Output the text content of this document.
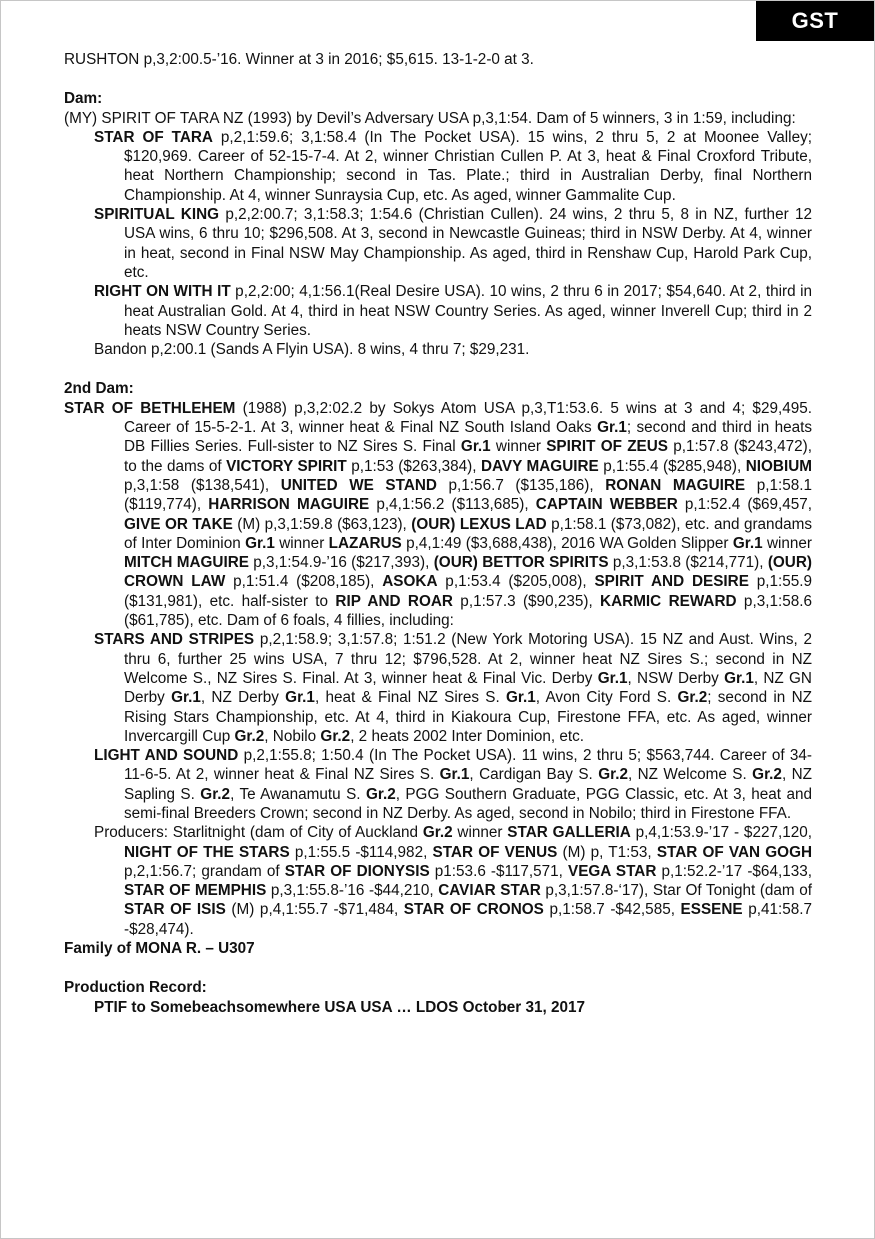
GST
RUSHTON p,3,2:00.5-’16. Winner at 3 in 2016; $5,615. 13-1-2-0 at 3.
Dam:
(MY) SPIRIT OF TARA NZ (1993) by Devil’s Adversary USA p,3,1:54. Dam of 5 winners, 3 in 1:59, including:
STAR OF TARA p,2,1:59.6; 3,1:58.4 (In The Pocket USA). 15 wins, 2 thru 5, 2 at Moonee Valley; $120,969. Career of 52-15-7-4. At 2, winner Christian Cullen P. At 3, heat & Final Croxford Tribute, heat Northern Championship; second in Tas. Plate.; third in Australian Derby, final Northern Championship. At 4, winner Sunraysia Cup, etc. As aged, winner Gammalite Cup.
SPIRITUAL KING p,2,2:00.7; 3,1:58.3; 1:54.6 (Christian Cullen). 24 wins, 2 thru 5, 8 in NZ, further 12 USA wins, 6 thru 10; $296,508. At 3, second in Newcastle Guineas; third in NSW Derby. At 4, winner in heat, second in Final NSW May Championship. As aged, third in Renshaw Cup, Harold Park Cup, etc.
RIGHT ON WITH IT p,2,2:00; 4,1:56.1(Real Desire USA). 10 wins, 2 thru 6 in 2017; $54,640. At 2, third in heat Australian Gold. At 4, third in heat NSW Country Series. As aged, winner Inverell Cup; third in 2 heats NSW Country Series.
Bandon p,2:00.1 (Sands A Flyin USA). 8 wins, 4 thru 7; $29,231.
2nd Dam:
STAR OF BETHLEHEM (1988) p,3,2:02.2 by Sokys Atom USA p,3,T1:53.6. 5 wins at 3 and 4; $29,495. Career of 15-5-2-1. At 3, winner heat & Final NZ South Island Oaks Gr.1; second and third in heats DB Fillies Series. Full-sister to NZ Sires S. Final Gr.1 winner SPIRIT OF ZEUS p,1:57.8 ($243,472), to the dams of VICTORY SPIRIT p,1:53 ($263,384), DAVY MAGUIRE p,1:55.4 ($285,948), NIOBIUM p,3,1:58 ($138,541), UNITED WE STAND p,1:56.7 ($135,186), RONAN MAGUIRE p,1:58.1 ($119,774), HARRISON MAGUIRE p,4,1:56.2 ($113,685), CAPTAIN WEBBER p,1:52.4 ($69,457, GIVE OR TAKE (M) p,3,1:59.8 ($63,123), (OUR) LEXUS LAD p,1:58.1 ($73,082), etc. and grandams of Inter Dominion Gr.1 winner LAZARUS p,4,1:49 ($3,688,438), 2016 WA Golden Slipper Gr.1 winner MITCH MAGUIRE p,3,1:54.9-’16 ($217,393), (OUR) BETTOR SPIRITS p,3,1:53.8 ($214,771), (OUR) CROWN LAW p,1:51.4 ($208,185), ASOKA p,1:53.4 ($205,008), SPIRIT AND DESIRE p,1:55.9 ($131,981), etc. half-sister to RIP AND ROAR p,1:57.3 ($90,235), KARMIC REWARD p,3,1:58.6 ($61,785), etc. Dam of 6 foals, 4 fillies, including:
STARS AND STRIPES p,2,1:58.9; 3,1:57.8; 1:51.2 (New York Motoring USA). 15 NZ and Aust. Wins, 2 thru 6, further 25 wins USA, 7 thru 12; $796,528. At 2, winner heat NZ Sires S.; second in NZ Welcome S., NZ Sires S. Final. At 3, winner heat & Final Vic. Derby Gr.1, NSW Derby Gr.1, NZ GN Derby Gr.1, NZ Derby Gr.1, heat & Final NZ Sires S. Gr.1, Avon City Ford S. Gr.2; second in NZ Rising Stars Championship, etc. At 4, third in Kiakoura Cup, Firestone FFA, etc. As aged, winner Invercargill Cup Gr.2, Nobilo Gr.2, 2 heats 2002 Inter Dominion, etc.
LIGHT AND SOUND p,2,1:55.8; 1:50.4 (In The Pocket USA). 11 wins, 2 thru 5; $563,744. Career of 34-11-6-5. At 2, winner heat & Final NZ Sires S. Gr.1, Cardigan Bay S. Gr.2, NZ Welcome S. Gr.2, NZ Sapling S. Gr.2, Te Awanamutu S. Gr.2, PGG Southern Graduate, PGG Classic, etc. At 3, heat and semi-final Breeders Crown; second in NZ Derby. As aged, second in Nobilo; third in Firestone FFA.
Producers: Starlitnight (dam of City of Auckland Gr.2 winner STAR GALLERIA p,4,1:53.9-’17 - $227,120, NIGHT OF THE STARS p,1:55.5 -$114,982, STAR OF VENUS (M) p, T1:53, STAR OF VAN GOGH p,2,1:56.7; grandam of STAR OF DIONYSIS p1:53.6 -$117,571, VEGA STAR p,1:52.2-’17 -$64,133, STAR OF MEMPHIS p,3,1:55.8-’16 -$44,210, CAVIAR STAR p,3,1:57.8-‘17), Star Of Tonight (dam of STAR OF ISIS (M) p,4,1:55.7 -$71,484, STAR OF CRONOS p,1:58.7 -$42,585, ESSENE p,41:58.7 -$28,474).
Family of MONA R. – U307
Production Record:
PTIF to Somebeachsomewhere USA USA … LDOS October 31, 2017
